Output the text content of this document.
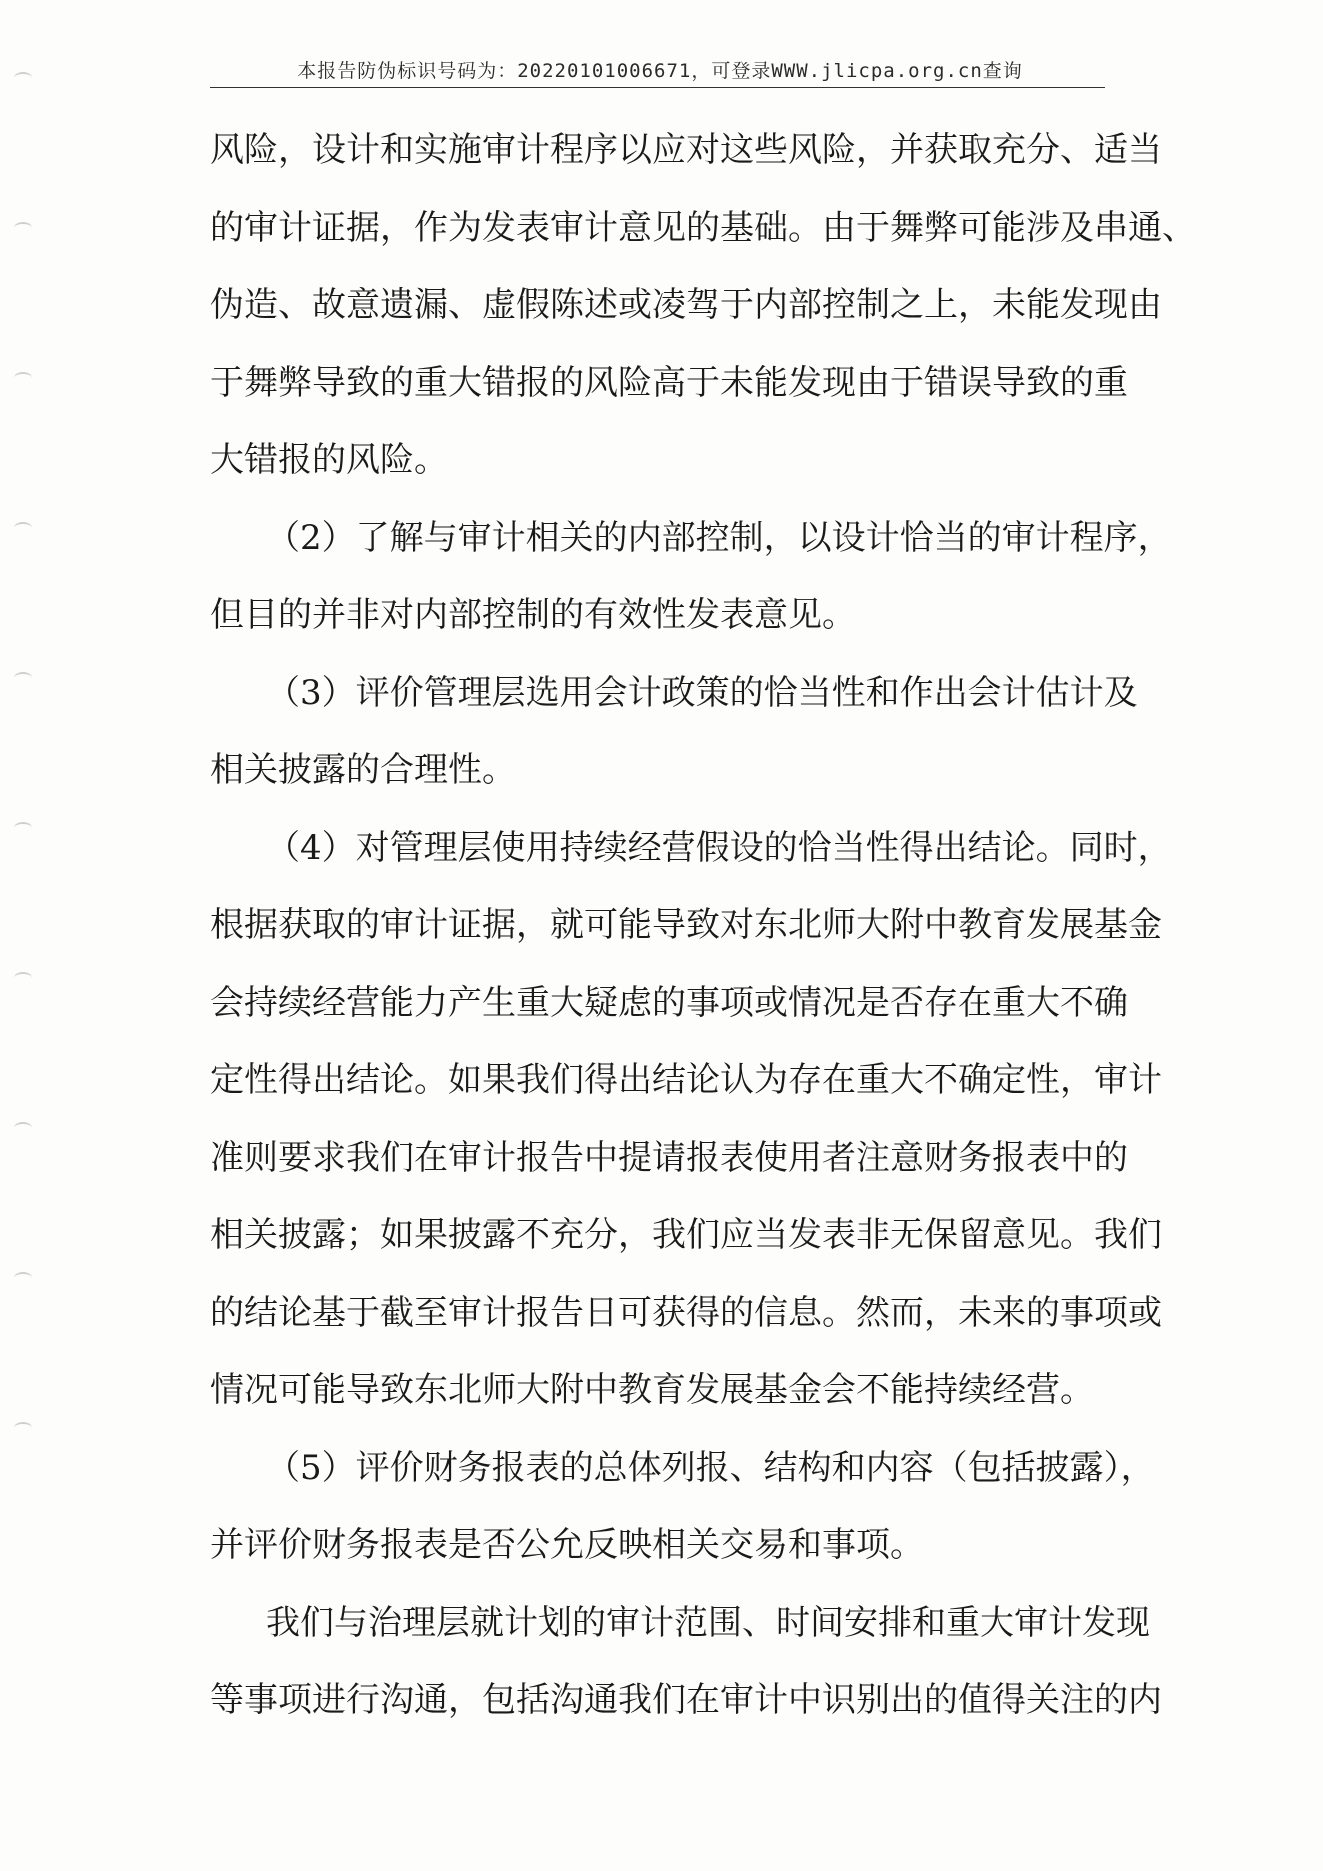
本报告防伪标识号码为：20220101006671，可登录WWW.jlicpa.org.cn查询
风险，设计和实施审计程序以应对这些风险，并获取充分、适当
的审计证据，作为发表审计意见的基础。由于舞弊可能涉及串通、
伪造、故意遗漏、虚假陈述或凌驾于内部控制之上，未能发现由
于舞弊导致的重大错报的风险高于未能发现由于错误导致的重
大错报的风险。
（2）了解与审计相关的内部控制，以设计恰当的审计程序，
但目的并非对内部控制的有效性发表意见。
（3）评价管理层选用会计政策的恰当性和作出会计估计及
相关披露的合理性。
（4）对管理层使用持续经营假设的恰当性得出结论。同时，
根据获取的审计证据，就可能导致对东北师大附中教育发展基金
会持续经营能力产生重大疑虑的事项或情况是否存在重大不确
定性得出结论。如果我们得出结论认为存在重大不确定性，审计
准则要求我们在审计报告中提请报表使用者注意财务报表中的
相关披露；如果披露不充分，我们应当发表非无保留意见。我们
的结论基于截至审计报告日可获得的信息。然而，未来的事项或
情况可能导致东北师大附中教育发展基金会不能持续经营。
（5）评价财务报表的总体列报、结构和内容（包括披露），
并评价财务报表是否公允反映相关交易和事项。
我们与治理层就计划的审计范围、时间安排和重大审计发现
等事项进行沟通，包括沟通我们在审计中识别出的值得关注的内
